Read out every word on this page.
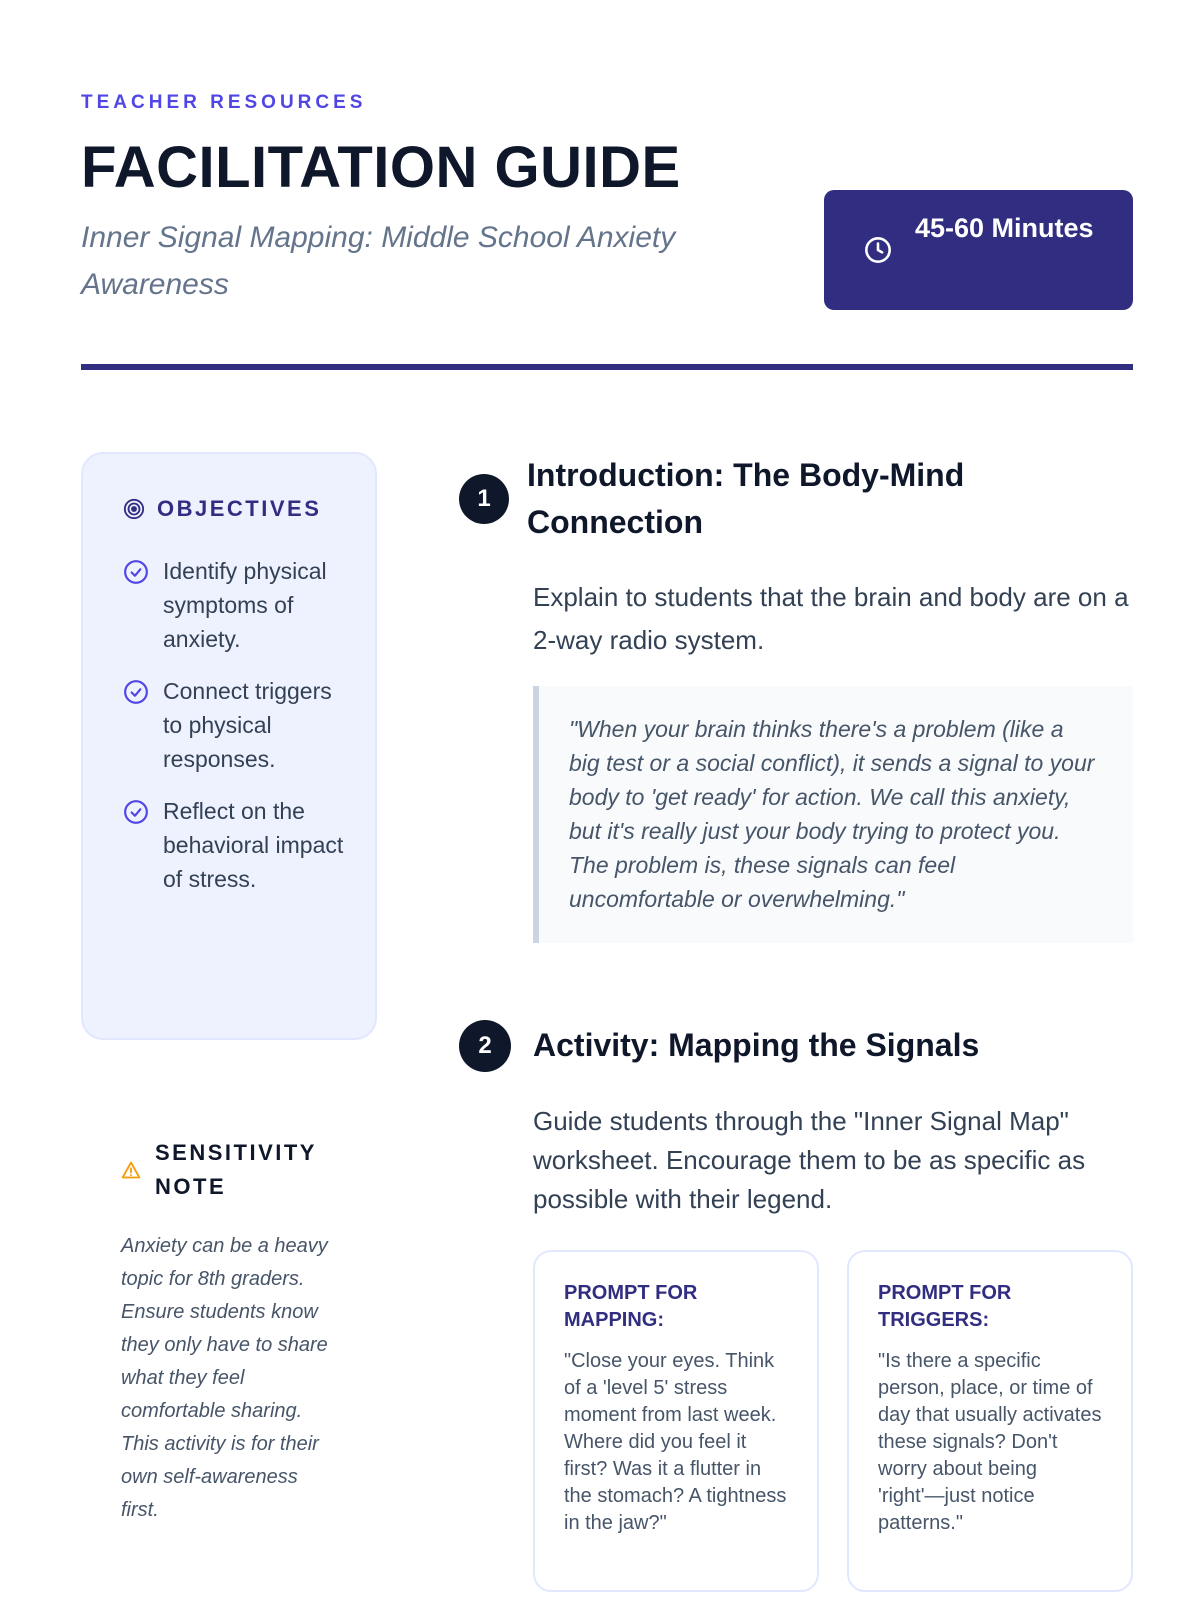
TEACHER RESOURCES
FACILITATION GUIDE
Inner Signal Mapping: Middle School Anxiety Awareness
45-60 Minutes
OBJECTIVES
Identify physical symptoms of anxiety.
Connect triggers to physical responses.
Reflect on the behavioral impact of stress.
SENSITIVITY NOTE
Anxiety can be a heavy topic for 8th graders. Ensure students know they only have to share what they feel comfortable sharing. This activity is for their own self-awareness first.
1
Introduction: The Body-Mind Connection
Explain to students that the brain and body are on a 2-way radio system.
"When your brain thinks there's a problem (like a big test or a social conflict), it sends a signal to your body to 'get ready' for action. We call this anxiety, but it's really just your body trying to protect you. The problem is, these signals can feel uncomfortable or overwhelming."
2	Activity: Mapping the Signals
Guide students through the "Inner Signal Map" worksheet. Encourage them to be as specific as possible with their legend.
PROMPT FOR MAPPING:
"Close your eyes. Think of a 'level 5' stress moment from last week. Where did you feel it first? Was it a flutter in the stomach? A tightness in the jaw?"
PROMPT FOR TRIGGERS:
"Is there a specific person, place, or time of day that usually activates these signals? Don't worry about being 'right'—just notice patterns."
